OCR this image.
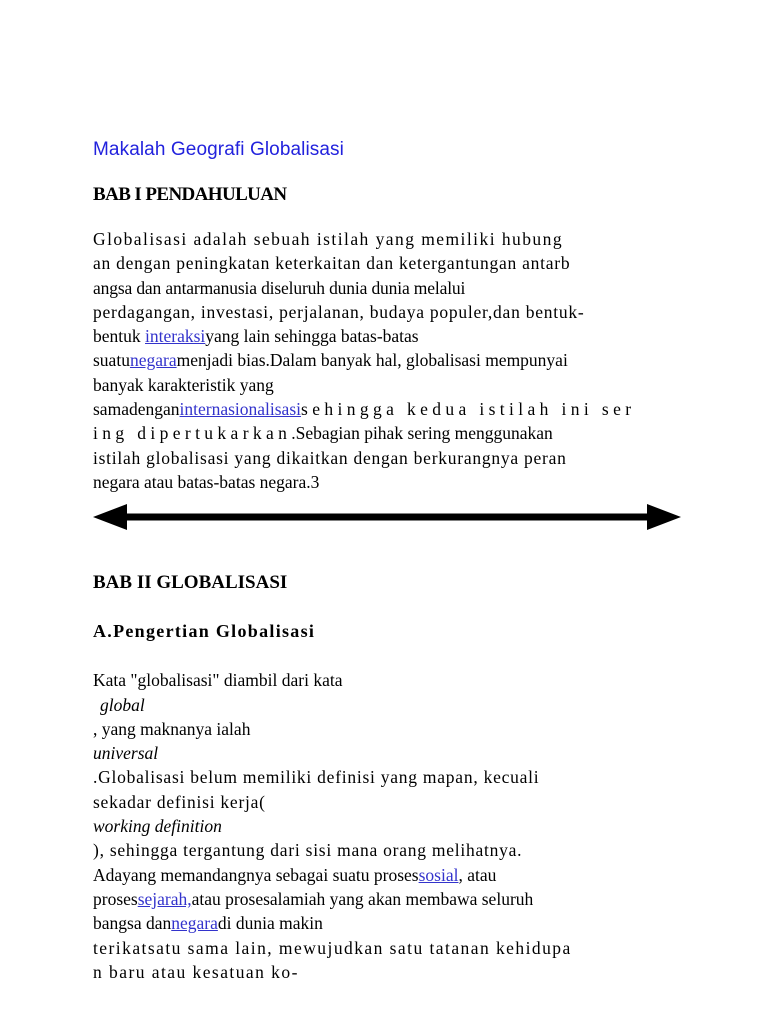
Makalah Geografi Globalisasi
BAB I PENDAHULUAN
Globalisasi adalah sebuah istilah yang memiliki hubung
an dengan peningkatan keterkaitan dan ketergantungan antarb
angsa dan antarmanusia diseluruh dunia dunia melalui
perdagangan, investasi, perjalanan, budaya populer,dan bentuk-
bentuk interaksiyang lain sehingga batas-batas
suatunegaramenjadi bias.Dalam banyak hal, globalisasi mempunyai
banyak karakteristik yang
samadenganinternasionalisasis e h i n g g a   k e d u a   i s t i l a h   i n i   s e r
i n g   d i p e r t u k a r k a n .Sebagian pihak sering menggunakan
istilah globalisasi yang dikaitkan dengan berkurangnya peran
negara atau batas-batas negara.3
BAB II GLOBALISASI
A.Pengertian Globalisasi
Kata "globalisasi" diambil dari kata
global
, yang maknanya ialah
universal
.Globalisasi belum memiliki definisi yang mapan, kecuali
sekadar definisi kerja(
working definition
), sehingga tergantung dari sisi mana orang melihatnya.
Adayang memandangnya sebagai suatu prosessosial, atau
prosessejarah,atau prosesalamiah yang akan membawa seluruh
bangsa dannegaradi dunia makin
terikatsatu sama lain, mewujudkan satu tatanan kehidupa
n baru atau kesatuan ko-
